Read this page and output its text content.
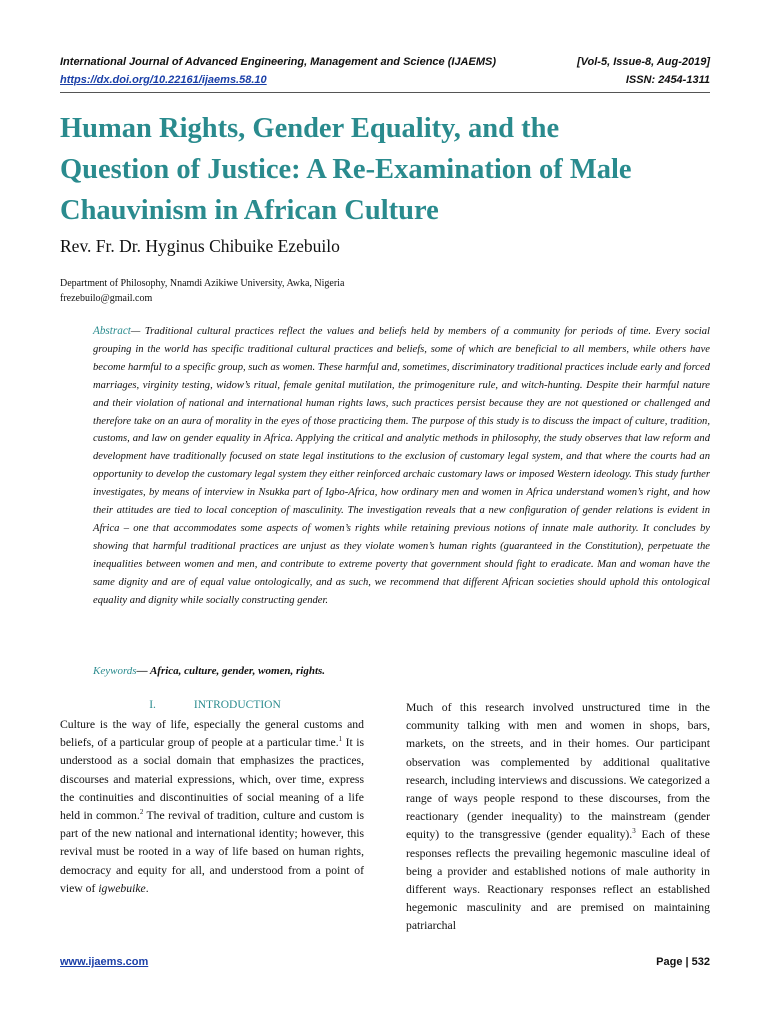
International Journal of Advanced Engineering, Management and Science (IJAEMS)	[Vol-5, Issue-8, Aug-2019]
https://dx.doi.org/10.22161/ijaems.58.10	ISSN: 2454-1311
Human Rights, Gender Equality, and the
Question of Justice: A Re-Examination of Male
Chauvinism in African Culture
Rev. Fr. Dr. Hyginus Chibuike Ezebuilo
Department of Philosophy, Nnamdi Azikiwe University, Awka, Nigeria
frezebuilo@gmail.com
Abstract— Traditional cultural practices reflect the values and beliefs held by members of a community for periods of time. Every social grouping in the world has specific traditional cultural practices and beliefs, some of which are beneficial to all members, while others have become harmful to a specific group, such as women. These harmful and, sometimes, discriminatory traditional practices include early and forced marriages, virginity testing, widow’s ritual, female genital mutilation, the primogeniture rule, and witch-hunting. Despite their harmful nature and their violation of national and international human rights laws, such practices persist because they are not questioned or challenged and therefore take on an aura of morality in the eyes of those practicing them. The purpose of this study is to discuss the impact of culture, tradition, customs, and law on gender equality in Africa. Applying the critical and analytic methods in philosophy, the study observes that law reform and development have traditionally focused on state legal institutions to the exclusion of customary legal system, and that where the courts had an opportunity to develop the customary legal system they either reinforced archaic customary laws or imposed Western ideology. This study further investigates, by means of interview in Nsukka part of Igbo-Africa, how ordinary men and women in Africa understand women’s right, and how their attitudes are tied to local conception of masculinity. The investigation reveals that a new configuration of gender relations is evident in Africa – one that accommodates some aspects of women’s rights while retaining previous notions of innate male authority. It concludes by showing that harmful traditional practices are unjust as they violate women’s human rights (guaranteed in the Constitution), perpetuate the inequalities between women and men, and contribute to extreme poverty that government should fight to eradicate. Man and woman have the same dignity and are of equal value ontologically, and as such, we recommend that different African societies should uphold this ontological equality and dignity while socially constructing gender.
Keywords— Africa, culture, gender, women, rights.
I.	INTRODUCTION
Culture is the way of life, especially the general customs and beliefs, of a particular group of people at a particular time.$^1$ It is understood as a social domain that emphasizes the practices, discourses and material expressions, which, over time, express the continuities and discontinuities of social meaning of a life held in common.$^2$ The revival of tradition, culture and custom is part of the new national and international identity; however, this revival must be rooted in a way of life based on human rights, democracy and equity for all, and understood from a point of view of igwebuike.
Much of this research involved unstructured time in the community talking with men and women in shops, bars, markets, on the streets, and in their homes. Our participant observation was complemented by additional qualitative research, including interviews and discussions. We categorized a range of ways people respond to these discourses, from the reactionary (gender inequality) to the mainstream (gender equity) to the transgressive (gender equality).$^3$ Each of these responses reflects the prevailing hegemonic masculine ideal of being a provider and established notions of male authority in different ways. Reactionary responses reflect an established hegemonic masculinity and are premised on maintaining patriarchal
www.ijaems.com	Page | 532
